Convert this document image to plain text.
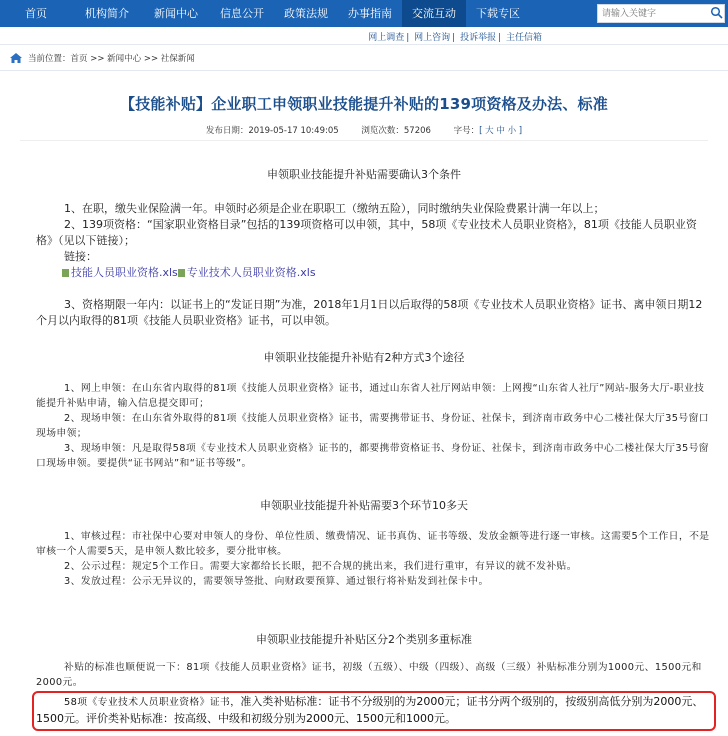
首页	机构简介	新闻中心	信息公开	政策法规	办事指南	交流互动	下载专区
请输入关键字
网上调查 | 网上咨询 | 投诉举报 | 主任信箱
当前位置：首页 >> 新闻中心 >> 社保新闻
【技能补贴】企业职工申领职业技能提升补贴的139项资格及办法、标准
发布日期：2019-05-17 10:49:05	浏览次数：57206	字号：[ 大 中 小 ]
申领职业技能提升补贴需要确认3个条件
1、在职，缴失业保险满一年。申领时必须是企业在职职工（缴纳五险），同时缴纳失业保险费累计满一年以上；
2、139项资格：“国家职业资格目录”包括的139项资格可以申领，其中，58项《专业技术人员职业资格》，81项《技能人员职业资格》（见以下链接）；
链接：
技能人员职业资格.xls 专业技术人员职业资格.xls
3、资格期限一年内：以证书上的“发证日期”为准，2018年1月1日以后取得的58项《专业技术人员职业资格》证书、离申领日期12个月以内取得的81项《技能人员职业资格》证书，可以申领。
申领职业技能提升补贴有2种方式3个途径
1、网上申领：在山东省内取得的81项《技能人员职业资格》证书，通过山东省人社厅网站申领：上网搜“山东省人社厅”网站-服务大厅-职业技能提升补贴申请，输入信息提交即可；
2、现场申领：在山东省外取得的81项《技能人员职业资格》证书，需要携带证书、身份证、社保卡，到济南市政务中心二楼社保大厅35号窗口现场申领；
3、现场申领：凡是取得58项《专业技术人员职业资格》证书的，都要携带资格证书、身份证、社保卡，到济南市政务中心二楼社保大厅35号窗口现场申领。要提供“证书网站”和“证书等级”。
申领职业技能提升补贴需要3个环节10多天
1、审核过程：市社保中心要对申领人的身份、单位性质、缴费情况、证书真伪、证书等级、发放金额等进行逐一审核。这需要5个工作日，不是审核一个人需要5天，是申领人数比较多，要分批审核。
2、公示过程：规定5个工作日。需要大家都给长长眼，把不合规的挑出来，我们进行重审，有异议的就不发补贴。
3、发放过程：公示无异议的，需要领导签批、向财政要预算、通过银行将补贴发到社保卡中。
申领职业技能提升补贴区分2个类别多重标准
补贴的标准也顺便说一下：81项《技能人员职业资格》证书，初级（五级）、中级（四级）、高级（三级）补贴标准分别为1000元、1500元和2000元。
58项《专业技术人员职业资格》证书，准入类补贴标准：证书不分级别的为2000元；证书分两个级别的，按级别高低分别为2000元、1500元。评价类补贴标准：按高级、中级和初级分别为2000元、1500元和1000元。
